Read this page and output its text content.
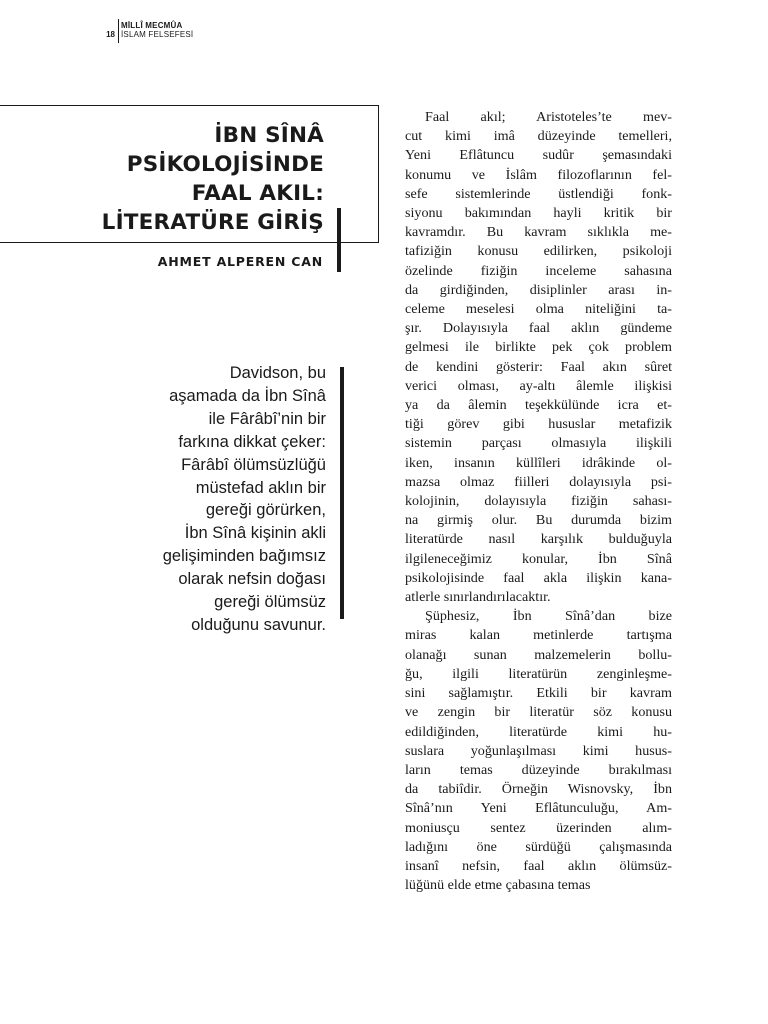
18
MİLLÎ MECMÛA
İSLAM FELSEFESİ
İBN SÎNÂ
PSİKOLOJİSİNDE
FAAL AKIL:
LİTERATÜRE GİRİŞ
AHMET ALPEREN CAN
Davidson, bu
aşamada da İbn Sînâ
ile Fârâbî’nin bir
farkına dikkat çeker:
Fârâbî ölümsüzlüğü
müstefad aklın bir
gereği görürken,
İbn Sînâ kişinin akli
gelişiminden bağımsız
olarak nefsin doğası
gereği ölümsüz
olduğunu savunur.
Faal akıl; Aristoteles’te mev-
cut kimi imâ düzeyinde temelleri,
Yeni Eflâtuncu sudûr şemasındaki
konumu ve İslâm filozoflarının fel-
sefe sistemlerinde üstlendiği fonk-
siyonu bakımından hayli kritik bir
kavramdır. Bu kavram sıklıkla me-
tafiziğin konusu edilirken, psikoloji
özelinde fiziğin inceleme sahasına
da girdiğinden, disiplinler arası in-
celeme meselesi olma niteliğini ta-
şır. Dolayısıyla faal aklın gündeme
gelmesi ile birlikte pek çok problem
de kendini gösterir: Faal akın sûret
verici olması, ay-altı âlemle ilişkisi
ya da âlemin teşekkülünde icra et-
tiği görev gibi hususlar metafizik
sistemin parçası olmasıyla ilişkili
iken, insanın küllîleri idrâkinde ol-
mazsa olmaz fiilleri dolayısıyla psi-
kolojinin, dolayısıyla fiziğin sahası-
na girmiş olur. Bu durumda bizim
literatürde nasıl karşılık bulduğuyla
ilgileneceğimiz konular, İbn Sînâ
psikolojisinde faal akla ilişkin kana-
atlerle sınırlandırılacaktır.
Şüphesiz, İbn Sînâ’dan bize
miras kalan metinlerde tartışma
olanağı sunan malzemelerin bollu-
ğu, ilgili literatürün zenginleşme-
sini sağlamıştır. Etkili bir kavram
ve zengin bir literatür söz konusu
edildiğinden, literatürde kimi hu-
suslara yoğunlaşılması kimi husus-
ların temas düzeyinde bırakılması
da tabiîdir. Örneğin Wisnovsky, İbn
Sînâ’nın Yeni Eflâtunculuğu, Am-
moniusçu sentez üzerinden alım-
ladığını öne sürdüğü çalışmasında
insanî nefsin, faal aklın ölümsüz-
lüğünü elde etme çabasına temas
